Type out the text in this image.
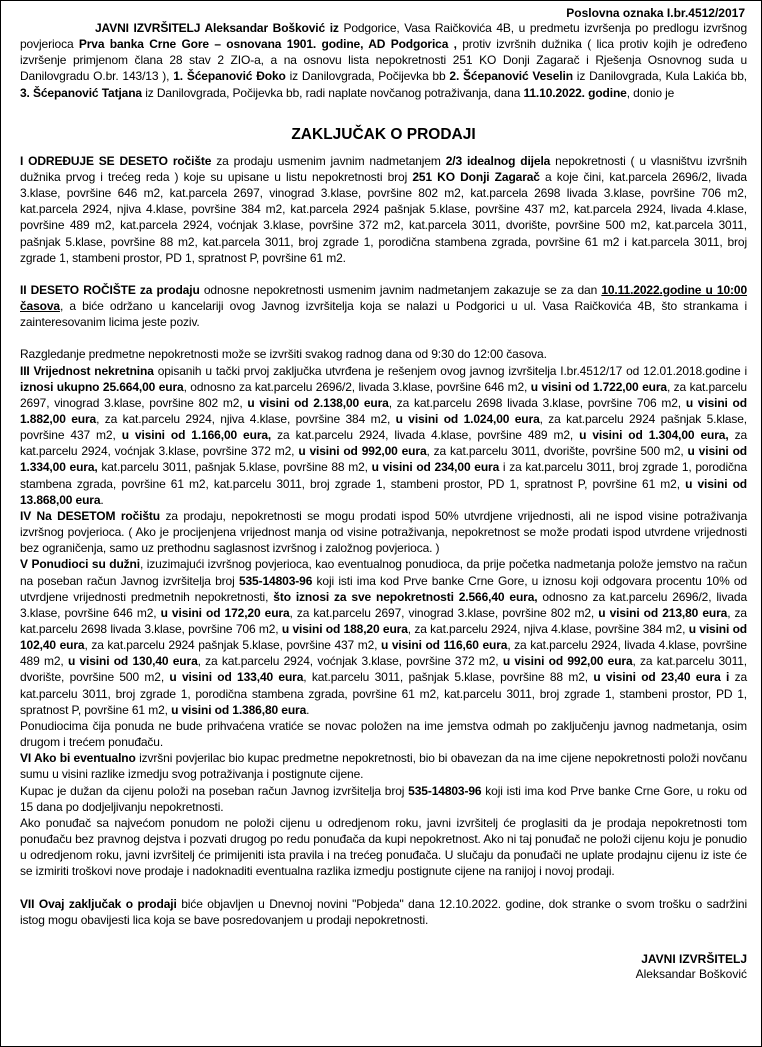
Poslovna oznaka I.br.4512/2017

JAVNI IZVRŠITELJ Aleksandar Bošković iz Podgorice, Vasa Raičkovića 4B, u predmetu izvršenja po predlogu izvršnog povjerioca Prva banka Crne Gore – osnovana 1901. godine, AD Podgorica , protiv izvršnih dužnika ( lica protiv kojih je određeno izvršenje primjenom člana 28 stav 2 ZIO-a, a na osnovu lista nepokretnosti 251 KO Donji Zagarač i Rješenja Osnovnog suda u Danilovgradu O.br. 143/13 ), 1. Šćepanović Đoko iz Danilovgrada, Počijevka bb 2. Šćepanović Veselin iz Danilovgrada, Kula Lakića bb, 3. Šćepanović Tatjana iz Danilovgrada, Počijevka bb, radi naplate novčanog potraživanja, dana 11.10.2022. godine, donio je

ZAKLJUČAK O PRODAJI

I ODREĐUJE SE DESETO ročište za prodaju usmenim javnim nadmetanjem 2/3 idealnog dijela nepokretnosti ( u vlasništvu izvršnih dužnika prvog i trećeg reda ) koje su upisane u listu nepokretnosti broj 251 KO Donji Zagarač a koje čini, kat.parcela 2696/2, livada 3.klase, površine 646 m2, kat.parcela 2697, vinograd 3.klase, površine 802 m2, kat.parcela 2698 livada 3.klase, površine 706 m2, kat.parcela 2924, njiva 4.klase, površine 384 m2, kat.parcela 2924 pašnjak 5.klase, površine 437 m2, kat.parcela 2924, livada 4.klase, površine 489 m2, kat.parcela 2924, voćnjak 3.klase, površine 372 m2, kat.parcela 3011, dvorište, površine 500 m2, kat.parcela 3011, pašnjak 5.klase, površine 88 m2, kat.parcela 3011, broj zgrade 1, porodična stambena zgrada, površine 61 m2 i kat.parcela 3011, broj zgrade 1, stambeni prostor, PD 1, spratnost P, površine 61 m2.

II DESETO ROČIŠTE za prodaju odnosne nepokretnosti usmenim javnim nadmetanjem zakazuje se za dan 10.11.2022.godine u 10:00 časova, a biće održano u kancelariji ovog Javnog izvršitelja koja se nalazi u Podgorici u ul. Vasa Raičkovića 4B, što strankama i zainteresovanim licima jeste poziv.

Razgledanje predmetne nepokretnosti može se izvršiti svakog radnog dana od 9:30 do 12:00 časova.

III Vrijednost nekretnina opisanih u tački prvoj zaključka utvrđena je rešenjem ovog javnog izvršitelja I.br.4512/17 od 12.01.2018.godine i iznosi ukupno 25.664,00 eura, odnosno za kat.parcelu 2696/2, livada 3.klase, površine 646 m2, u visini od 1.722,00 eura, za kat.parcelu 2697, vinograd 3.klase, površine 802 m2, u visini od 2.138,00 eura, za kat.parcelu 2698 livada 3.klase, površine 706 m2, u visini od 1.882,00 eura, za kat.parcelu 2924, njiva 4.klase, površine 384 m2, u visini od 1.024,00 eura, za kat.parcelu 2924 pašnjak 5.klase, površine 437 m2, u visini od 1.166,00 eura, za kat.parcelu 2924, livada 4.klase, površine 489 m2, u visini od 1.304,00 eura, za kat.parcelu 2924, voćnjak 3.klase, površine 372 m2, u visini od 992,00 eura, za kat.parcelu 3011, dvorište, površine 500 m2, u visini od 1.334,00 eura, kat.parcelu 3011, pašnjak 5.klase, površine 88 m2, u visini od 234,00 eura i za kat.parcelu 3011, broj zgrade 1, porodična stambena zgrada, površine 61 m2, kat.parcelu 3011, broj zgrade 1, stambeni prostor, PD 1, spratnost P, površine 61 m2, u visini od 13.868,00 eura.

IV Na DESETOM ročištu za prodaju, nepokretnosti se mogu prodati ispod 50% utvrdjene vrijednosti, ali ne ispod visine potraživanja izvršnog povjerioca. ( Ako je procijenjena vrijednost manja od visine potraživanja, nepokretnost se može prodati ispod utvrdene vrijednosti bez ograničenja, samo uz prethodnu saglasnost izvršnog i založnog povjerioca. )

V Ponudioci su dužni, izuzimajući izvršnog povjerioca, kao eventualnog ponudioca, da prije početka nadmetanja polože jemstvo na račun na poseban račun Javnog izvršitelja broj 535-14803-96 koji isti ima kod Prve banke Crne Gore, u iznosu koji odgovara procentu 10% od utvrdjene vrijednosti predmetnih nepokretnosti, što iznosi za sve nepokretnosti 2.566,40 eura, odnosno za kat.parcelu 2696/2, livada 3.klase, površine 646 m2, u visini od 172,20 eura, za kat.parcelu 2697, vinograd 3.klase, površine 802 m2, u visini od 213,80 eura, za kat.parcelu 2698 livada 3.klase, površine 706 m2, u visini od 188,20 eura, za kat.parcelu 2924, njiva 4.klase, površine 384 m2, u visini od 102,40 eura, za kat.parcelu 2924 pašnjak 5.klase, površine 437 m2, u visini od 116,60 eura, za kat.parcelu 2924, livada 4.klase, površine 489 m2, u visini od 130,40 eura, za kat.parcelu 2924, voćnjak 3.klase, površine 372 m2, u visini od 992,00 eura, za kat.parcelu 3011, dvorište, površine 500 m2, u visini od 133,40 eura, kat.parcelu 3011, pašnjak 5.klase, površine 88 m2, u visini od 23,40 eura i za kat.parcelu 3011, broj zgrade 1, porodična stambena zgrada, površine 61 m2, kat.parcelu 3011, broj zgrade 1, stambeni prostor, PD 1, spratnost P, površine 61 m2, u visini od 1.386,80 eura.

Ponudiocima čija ponuda ne bude prihvaćena vratiće se novac položen na ime jemstva odmah po zaključenju javnog nadmetanja, osim drugom i trećem ponuđaču.

VI Ako bi eventualno izvršni povjerilac bio kupac predmetne nepokretnosti, bio bi obavezan da na ime cijene nepokretnosti položi novčanu sumu u visini razlike izmedju svog potraživanja i postignute cijene.

Kupac je dužan da cijenu položi na poseban račun Javnog izvršitelja broj 535-14803-96 koji isti ima kod Prve banke Crne Gore, u roku od 15 dana po dodjeljivanju nepokretnosti.

Ako ponuđač sa najvećom ponudom ne položi cijenu u odredjenom roku, javni izvršitelj će proglasiti da je prodaja nepokretnosti tom ponuđaču bez pravnog dejstva i pozvati drugog po redu ponuđača da kupi nepokretnost. Ako ni taj ponuđač ne položi cijenu koju je ponudio u odredjenom roku, javni izvršitelj će primijeniti ista pravila i na trećeg ponuđača. U slučaju da ponuđači ne uplate prodajnu cijenu iz iste će se izmiriti troškovi nove prodaje i nadoknaditi eventualna razlika izmedju postignute cijene na ranijoj i novoj prodaji.

VII Ovaj zaključak o prodaji biće objavljen u Dnevnoj novini "Pobjeda" dana 12.10.2022. godine, dok stranke o svom trošku o sadržini istog mogu obavijesti lica koja se bave posredovanjem u prodaji nepokretnosti.

JAVNI IZVRŠITELJ
Aleksandar Bošković
